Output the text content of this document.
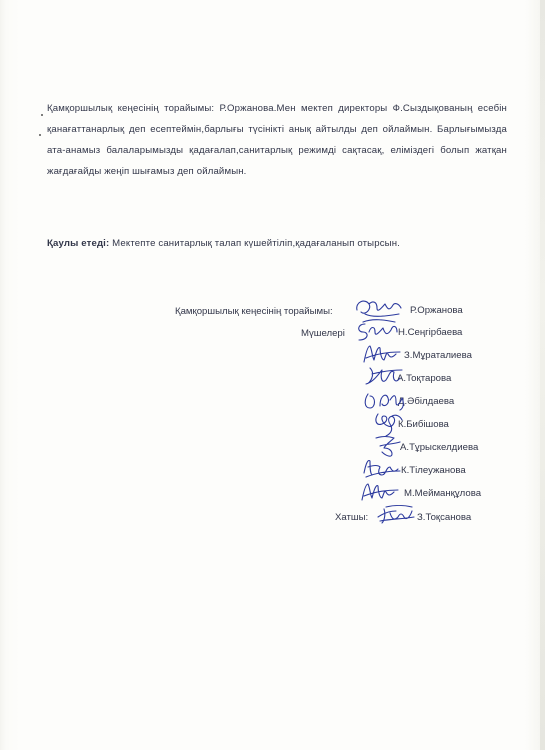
Қамқоршылық кеңесінің торайымы: Р.Оржанова.Мен мектеп директоры Ф.Сыздықованың есебін қанағаттанарлық деп есептеймін,барлығы түсінікті анық айтылды деп ойлаймын. Барлығымызда ата-анамыз балаларымызды қадағалап,санитарлық режимді сақтасақ, еліміздегі болып жатқан жағдағайды жеңіп шығамыз деп ойлаймын.
Қаулы етеді: Мектепте санитарлық талап күшейтіліп,қадағаланып отырсын.
Қамқоршылық кеңесінің торайымы:
Мүшелері
Хатшы:
Р.Оржанова
Н.Сеңгірбаева
З.Мұраталиева
А.Тоқтарова
Д.Әбілдаева
К.Бибішова
А.Тұрыскелдиева
К.Тілеужанова
М.Мейманқұлова
З.Тоқсанова
